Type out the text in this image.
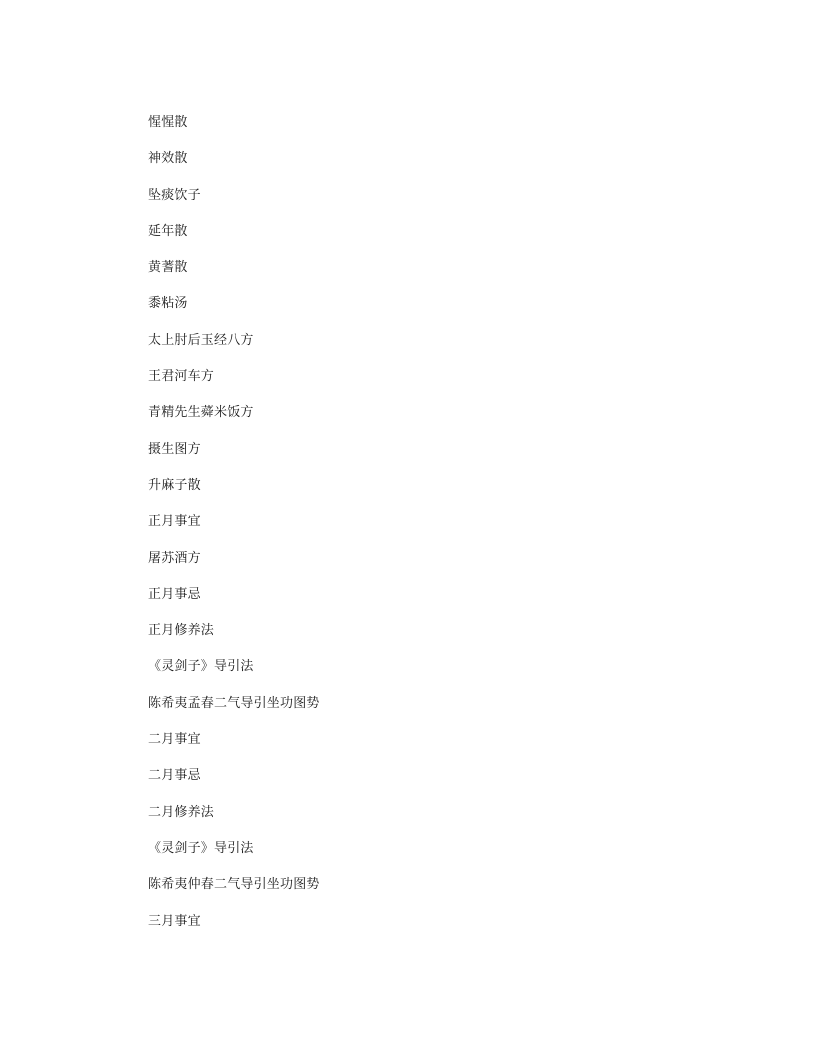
惺惺散
神效散
坠痰饮子
延年散
黄蓍散
黍粘汤
太上肘后玉经八方
王君河车方
青精先生蕣米饭方
摄生图方
升麻子散
正月事宜
屠苏酒方
正月事忌
正月修养法
《灵剑子》导引法
陈希夷孟春二气导引坐功图势
二月事宜
二月事忌
二月修养法
《灵剑子》导引法
陈希夷仲春二气导引坐功图势
三月事宜
